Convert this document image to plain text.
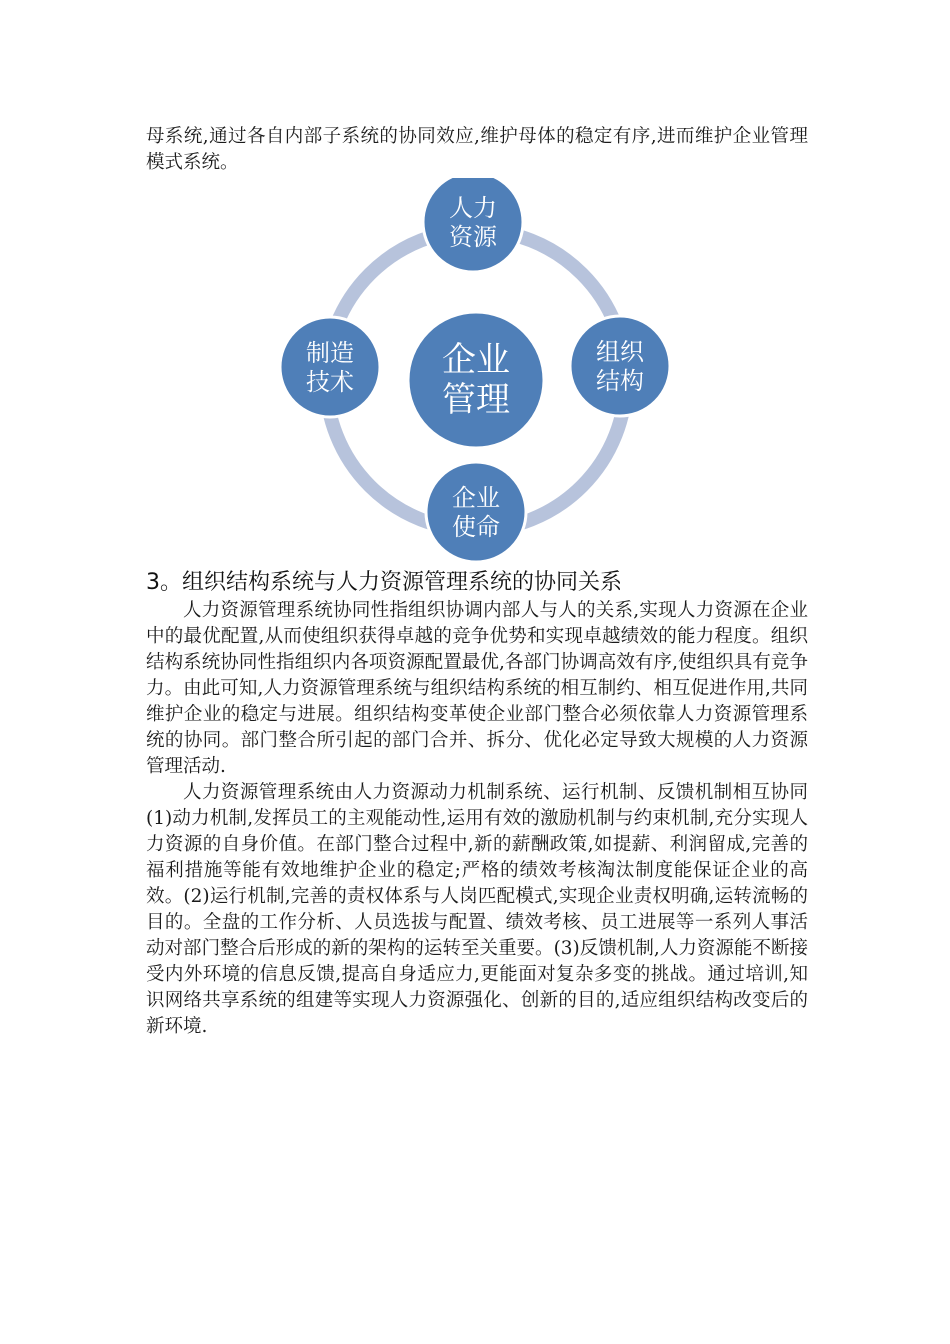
母系统,通过各自内部子系统的协同效应,维护母体的稳定有序,进而维护企业管理模式系统。
企业
管理
人力
资源
组织
结构
企业
使命
制造
技术
3。组织结构系统与人力资源管理系统的协同关系

人力资源管理系统协同性指组织协调内部人与人的关系,实现人力资源在企业中的最优配置,从而使组织获得卓越的竞争优势和实现卓越绩效的能力程度。组织结构系统协同性指组织内各项资源配置最优,各部门协调高效有序,使组织具有竞争力。由此可知,人力资源管理系统与组织结构系统的相互制约、相互促进作用,共同维护企业的稳定与进展。组织结构变革使企业部门整合必须依靠人力资源管理系统的协同。部门整合所引起的部门合并、拆分、优化必定导致大规模的人力资源管理活动.

人力资源管理系统由人力资源动力机制系统、运行机制、反馈机制相互协同(1)动力机制,发挥员工的主观能动性,运用有效的激励机制与约束机制,充分实现人力资源的自身价值。在部门整合过程中,新的薪酬政策,如提薪、利润留成,完善的福利措施等能有效地维护企业的稳定;严格的绩效考核淘汰制度能保证企业的高效。(2)运行机制,完善的责权体系与人岗匹配模式,实现企业责权明确,运转流畅的目的。全盘的工作分析、人员选拔与配置、绩效考核、员工进展等一系列人事活动对部门整合后形成的新的架构的运转至关重要。(3)反馈机制,人力资源能不断接受内外环境的信息反馈,提高自身适应力,更能面对复杂多变的挑战。通过培训,知识网络共享系统的组建等实现人力资源强化、创新的目的,适应组织结构改变后的新环境.
